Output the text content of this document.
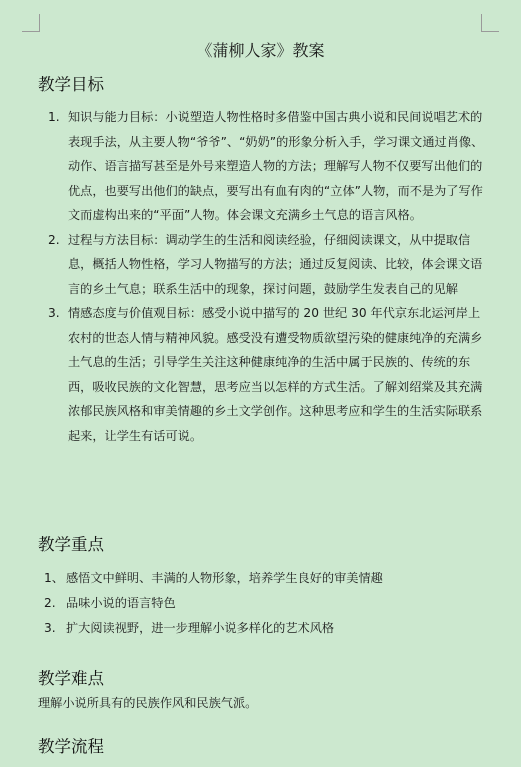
《蒲柳人家》教案
教学目标
1. 知识与能力目标：小说塑造人物性格时多借鉴中国古典小说和民间说唱艺术的表现手法，从主要人物“爷爷”、“奶奶”的形象分析入手，学习课文通过肖像、动作、语言描写甚至是外号来塑造人物的方法；理解写人物不仅要写出他们的优点，也要写出他们的缺点，要写出有血有肉的“立体”人物，而不是为了写作文而虚构出来的“平面”人物。体会课文充满乡土气息的语言风格。
2. 过程与方法目标：调动学生的生活和阅读经验，仔细阅读课文，从中提取信息，概括人物性格，学习人物描写的方法；通过反复阅读、比较，体会课文语言的乡土气息；联系生活中的现象，探讨问题，鼓励学生发表自己的见解
3. 情感态度与价值观目标：感受小说中描写的 20 世纪 30 年代京东北运河岸上农村的世态人情与精神风貌。感受没有遭受物质欲望污染的健康纯净的充满乡土气息的生活；引导学生关注这种健康纯净的生活中属于民族的、传统的东西，吸收民族的文化智慧，思考应当以怎样的方式生活。了解刘绍棠及其充满浓郁民族风格和审美情趣的乡土文学创作。这种思考应和学生的生活实际联系起来，让学生有话可说。
教学重点
1、 感悟文中鲜明、丰满的人物形象，培养学生良好的审美情趣
2. 品味小说的语言特色
3. 扩大阅读视野，进一步理解小说多样化的艺术风格
教学难点
理解小说所具有的民族作风和民族气派。
教学流程
